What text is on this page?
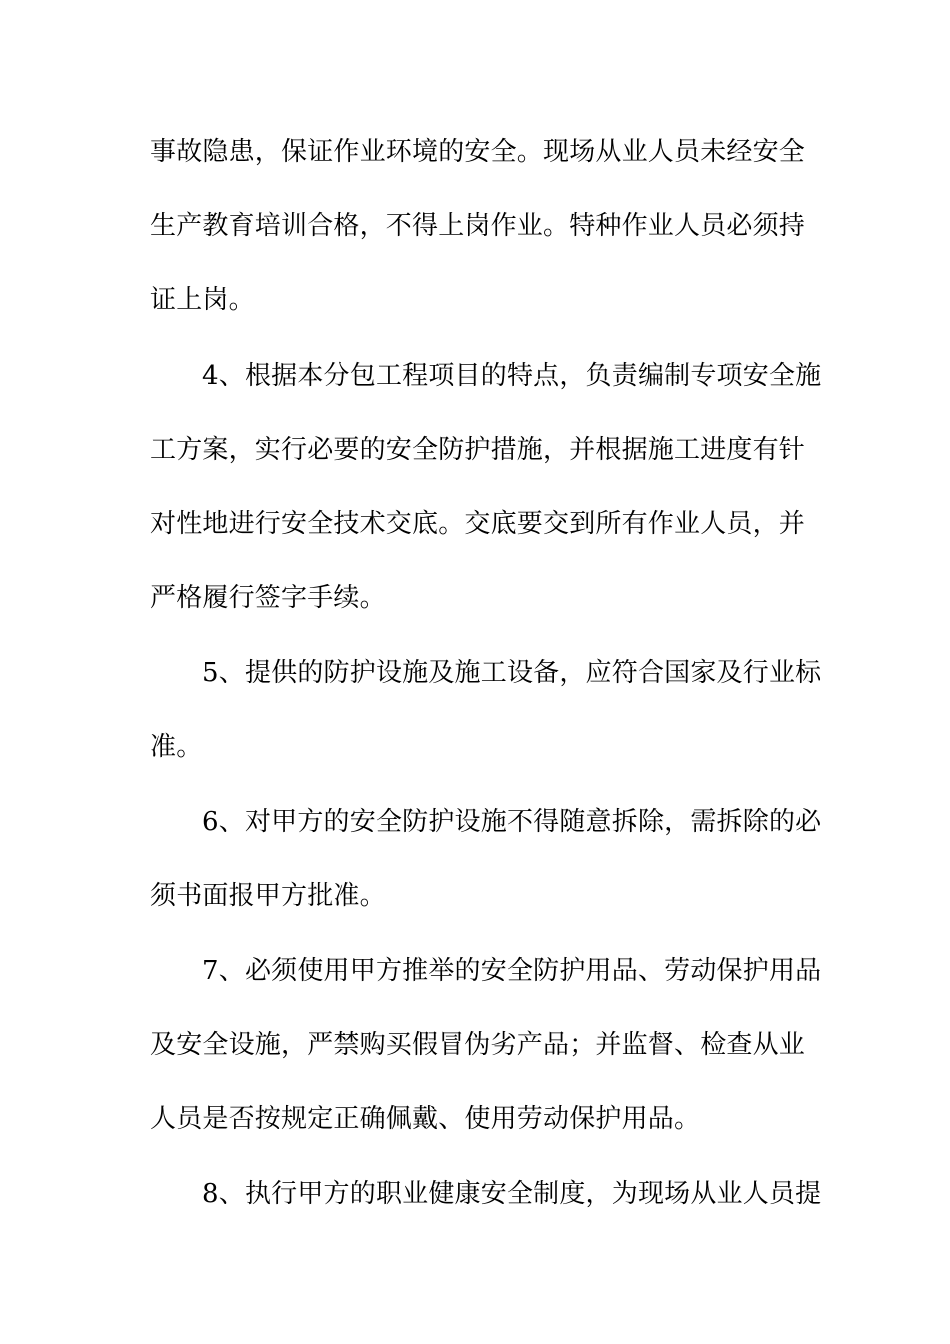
事故隐患，保证作业环境的安全。现场从业人员未经安全
生产教育培训合格，不得上岗作业。特种作业人员必须持
证上岗。
4、根据本分包工程项目的特点，负责编制专项安全施
工方案，实行必要的安全防护措施，并根据施工进度有针
对性地进行安全技术交底。交底要交到所有作业人员，并
严格履行签字手续。
5、提供的防护设施及施工设备，应符合国家及行业标
准。
6、对甲方的安全防护设施不得随意拆除，需拆除的必
须书面报甲方批准。
7、必须使用甲方推举的安全防护用品、劳动保护用品
及安全设施，严禁购买假冒伪劣产品；并监督、检查从业
人员是否按规定正确佩戴、使用劳动保护用品。
8、执行甲方的职业健康安全制度，为现场从业人员提
